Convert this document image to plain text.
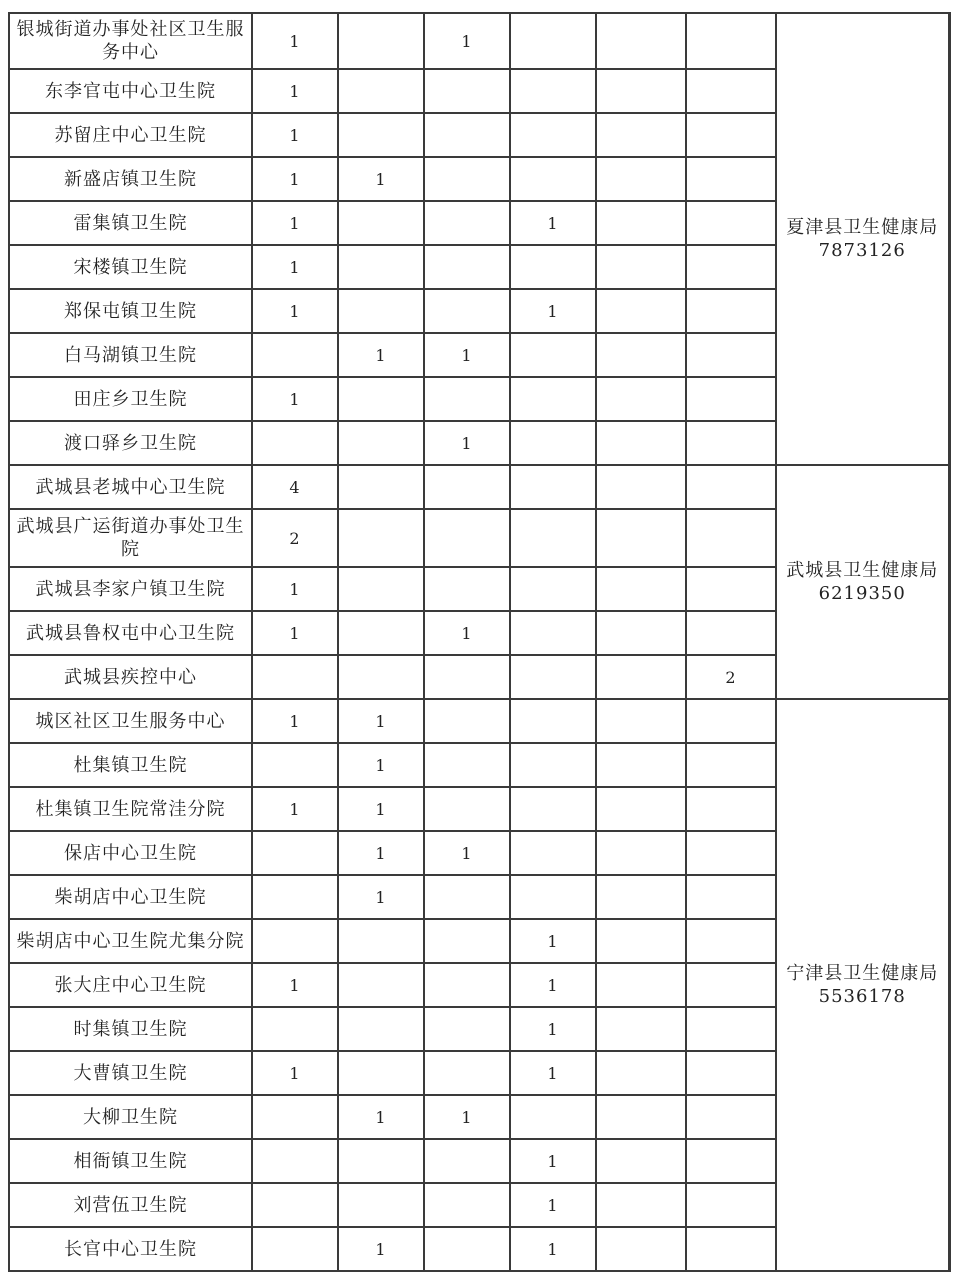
银城街道办事处社区卫生服务中心	1		1				夏津县卫生健康局
7873126

东李官屯中心卫生院	1						
苏留庄中心卫生院	1						
新盛店镇卫生院	1	1					
雷集镇卫生院	1			1			
宋楼镇卫生院	1						
郑保屯镇卫生院	1			1			
白马湖镇卫生院		1	1				
田庄乡卫生院	1						
渡口驿乡卫生院			1				
武城县老城中心卫生院	4						武城县卫生健康局
6219350

武城县广运街道办事处卫生院	2						
武城县李家户镇卫生院	1						
武城县鲁权屯中心卫生院	1		1				
武城县疾控中心						2	
城区社区卫生服务中心	1	1					宁津县卫生健康局
5536178

杜集镇卫生院		1					
杜集镇卫生院常洼分院	1	1					
保店中心卫生院		1	1				
柴胡店中心卫生院		1					

柴胡店中心卫生院尤集分院				1			
张大庄中心卫生院	1			1			
时集镇卫生院				1			
大曹镇卫生院	1			1			
大柳卫生院		1	1				
相衙镇卫生院				1			
刘营伍卫生院				1			
长官中心卫生院		1		1			
